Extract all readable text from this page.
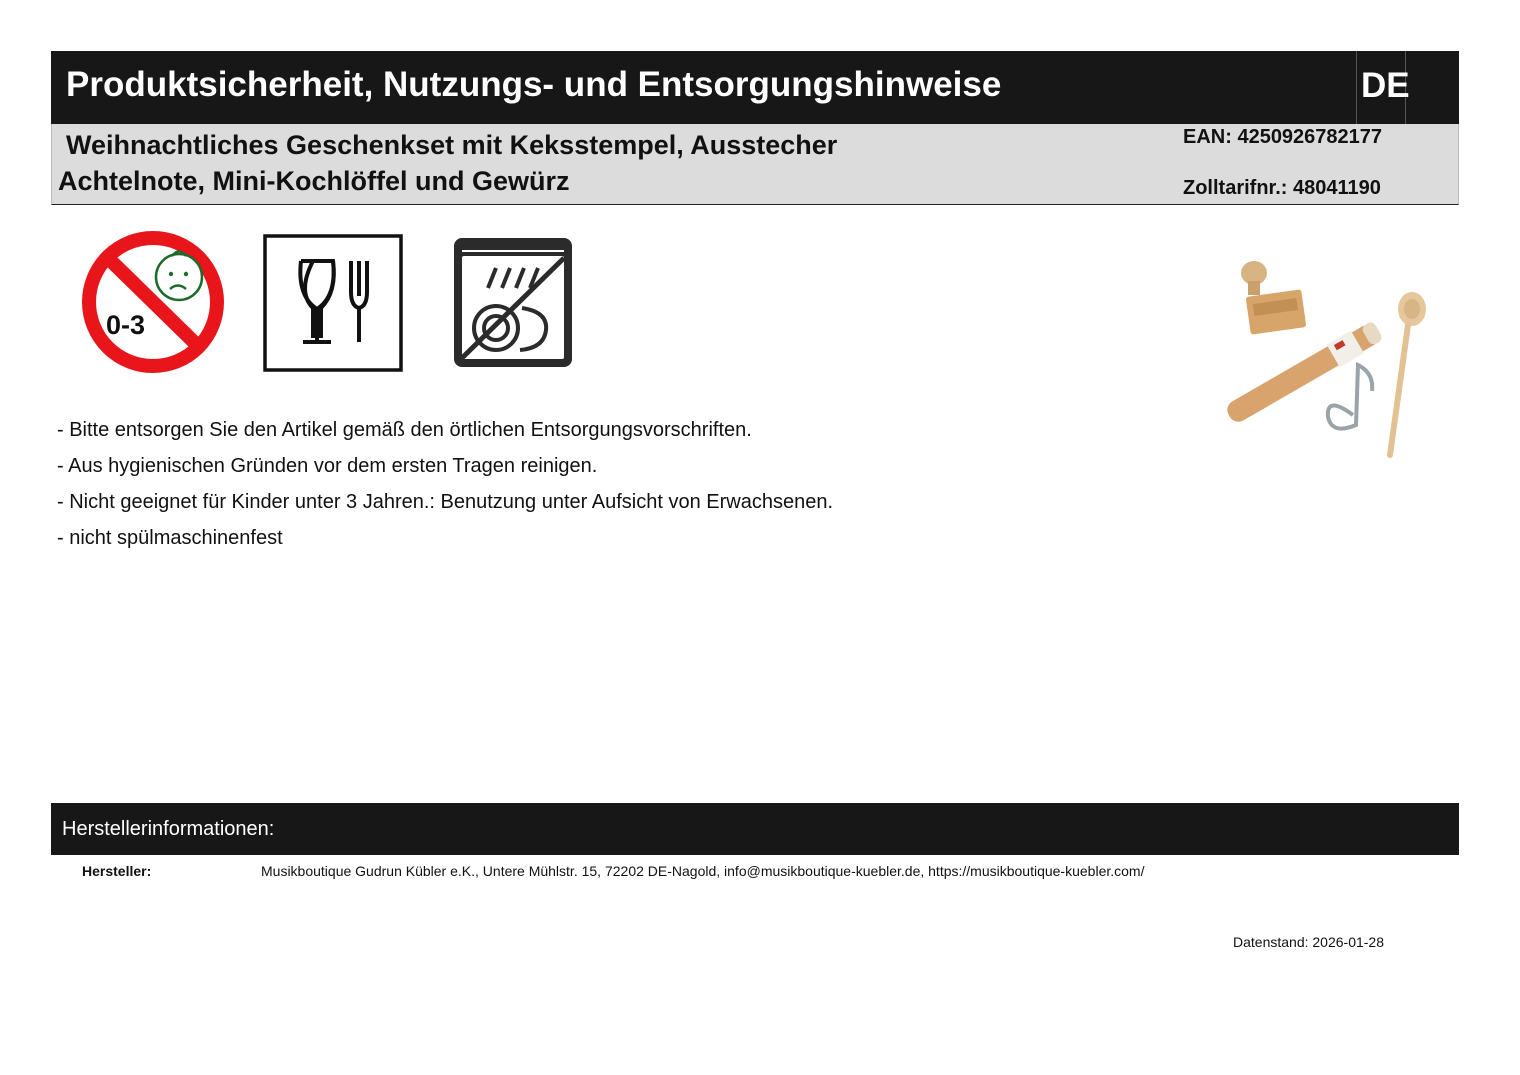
Produktsicherheit, Nutzungs- und Entsorgungshinweise	DE
Weihnachtliches Geschenkset mit Keksstempel, Ausstecher
Achtelnote, Mini-Kochlöffel und Gewürz
EAN: 4250926782177
Zolltarifnr.: 48041190
0-3
- Bitte entsorgen Sie den Artikel gemäß den örtlichen Entsorgungsvorschriften.
- Aus hygienischen Gründen vor dem ersten Tragen reinigen.
- Nicht geeignet für Kinder unter 3 Jahren.: Benutzung unter Aufsicht von Erwachsenen.
- nicht spülmaschinenfest
Herstellerinformationen:
Hersteller:	Musikboutique Gudrun Kübler e.K., Untere Mühlstr. 15, 72202 DE-Nagold, info@musikboutique-kuebler.de, https://musikboutique-kuebler.com/
Datenstand: 2026-01-28
